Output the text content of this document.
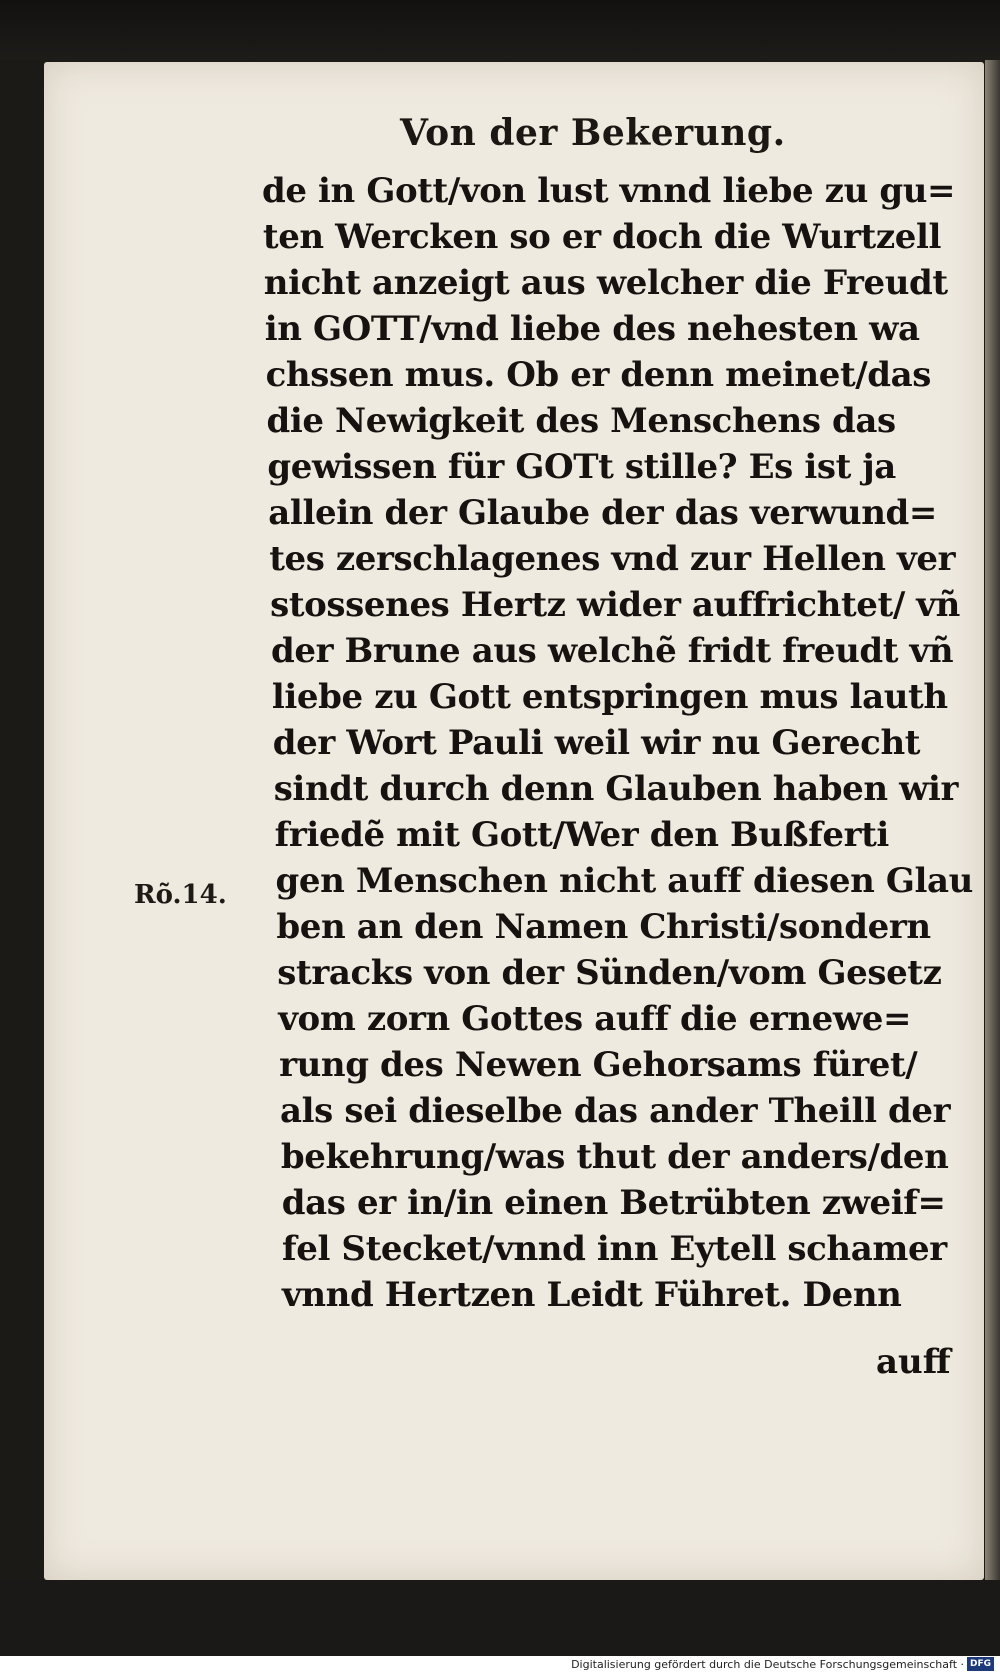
Von der Bekerung.
Rõ.14.
de in Gott/von lust vnnd liebe zu gu=
ten Wercken so er doch die Wurtzell
nicht anzeigt aus welcher die Freudt
in GOTT/vnd liebe des nehesten wa
chssen mus. Ob er denn meinet/das
die Newigkeit des Menschens das
gewissen für GOTt stille? Es ist ja
allein der Glaube der das verwund=
tes zerschlagenes vnd zur Hellen ver
stossenes Hertz wider auffrichtet/ vñ
der Brune aus welchẽ fridt freudt vñ
liebe zu Gott entspringen mus lauth
der Wort Pauli weil wir nu Gerecht
sindt durch denn Glauben haben wir
friedẽ mit Gott/Wer den Bußferti
gen Menschen nicht auff diesen Glau
ben an den Namen Christi/sondern
stracks von der Sünden/vom Gesetz
vom zorn Gottes auff die ernewe=
rung des Newen Gehorsams füret/
als sei dieselbe das ander Theill der
bekehrung/was thut der anders/den
das er in/in einen Betrübten zweif=
fel Stecket/vnnd inn Eytell schamer
vnnd Hertzen Leidt Führet. Denn
auff
Digitalisierung gefördert durch die Deutsche Forschungsgemeinschaft · DFG
